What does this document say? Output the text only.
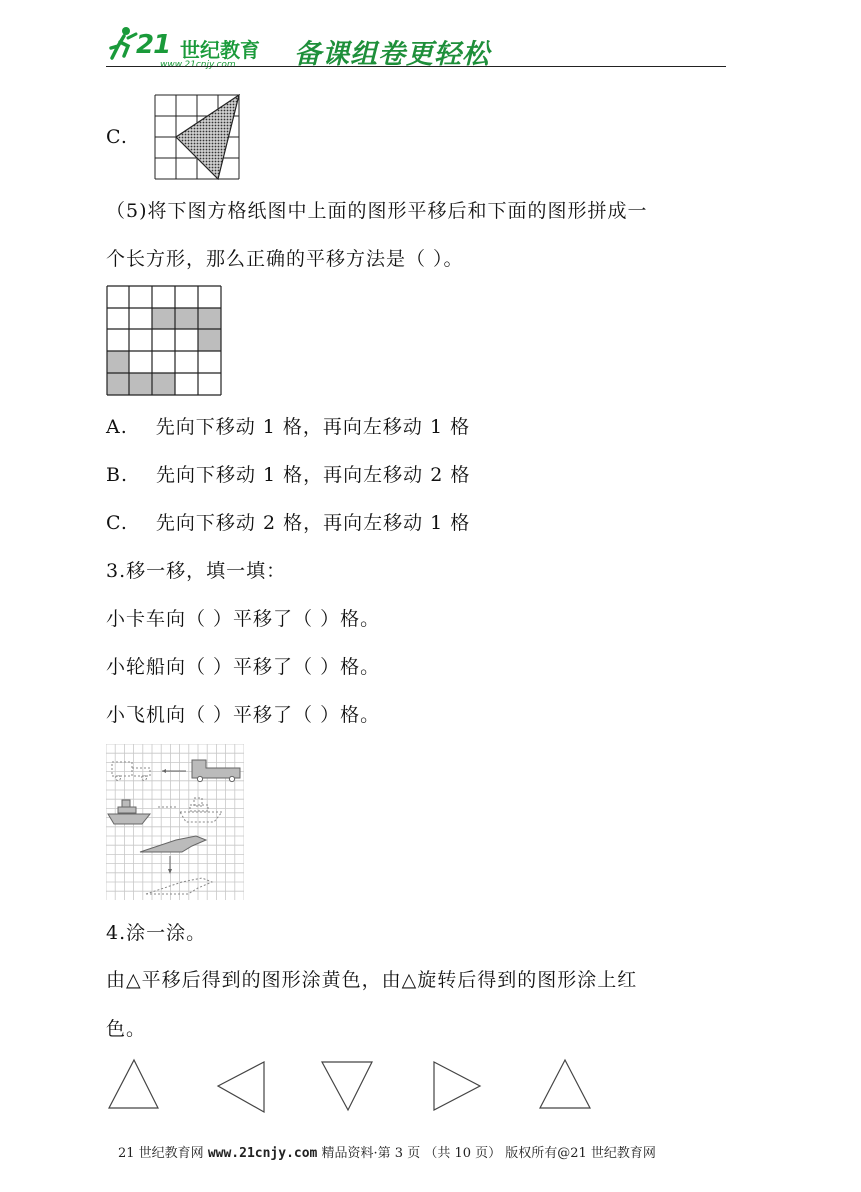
21 世纪教育
www.21cnjy.com 备课组卷更轻松
C.
（5)将下图方格纸图中上面的图形平移后和下面的图形拼成一
个长方形，那么正确的平移方法是（ ）。
A. 先向下移动 1 格，再向左移动 1 格
B. 先向下移动 1 格，再向左移动 2 格
C. 先向下移动 2 格，再向左移动 1 格
3.移一移，填一填：
小卡车向（ ）平移了（ ）格。
小轮船向（ ）平移了（ ）格。
小飞机向（ ）平移了（ ）格。
4.涂一涂。
由△平移后得到的图形涂黄色，由△旋转后得到的图形涂上红
色。
21 世纪教育网 www.21cnjy.com 精品资料·第 3 页 （共 10 页） 版权所有@21 世纪教育网
